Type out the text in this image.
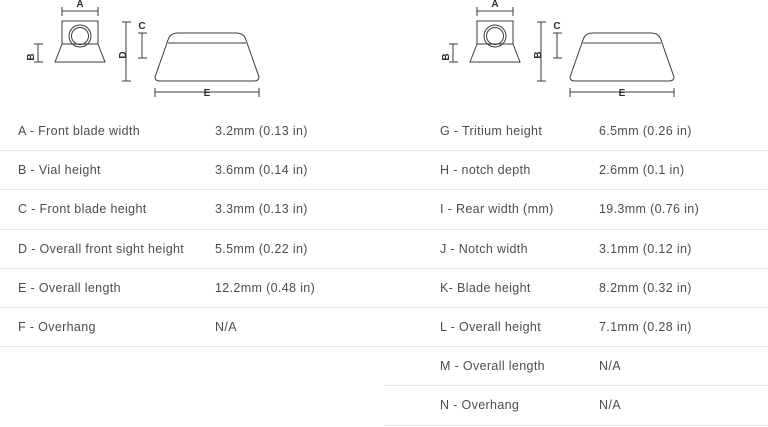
A
B
C
D
E
A - Front blade width	3.2mm (0.13 in)
B - Vial height	3.6mm (0.14 in)
C - Front blade height	3.3mm (0.13 in)
D - Overall front sight height	5.5mm (0.22 in)
E - Overall length	12.2mm (0.48 in)
F - Overhang	N/A
A
B
C
B
E
G - Tritium height	6.5mm (0.26 in)
H - notch depth	2.6mm (0.1 in)
I - Rear width (mm)	19.3mm (0.76 in)
J - Notch width	3.1mm (0.12 in)
K- Blade height	8.2mm (0.32 in)
L - Overall height	7.1mm (0.28 in)
M - Overall length	N/A
N - Overhang	N/A
